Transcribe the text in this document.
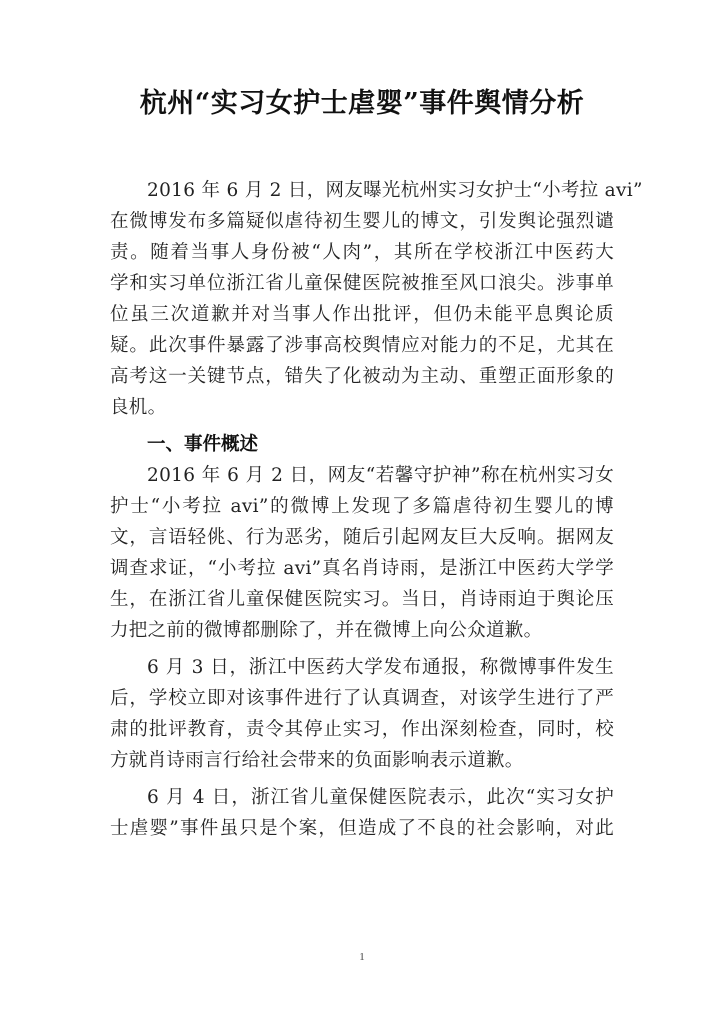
杭州“实习女护士虐婴”事件舆情分析
2016 年 6 月 2 日，网友曝光杭州实习女护士“小考拉 avi”
在微博发布多篇疑似虐待初生婴儿的博文，引发舆论强烈谴
责。随着当事人身份被“人肉”，其所在学校浙江中医药大
学和实习单位浙江省儿童保健医院被推至风口浪尖。涉事单
位虽三次道歉并对当事人作出批评，但仍未能平息舆论质
疑。此次事件暴露了涉事高校舆情应对能力的不足，尤其在
高考这一关键节点，错失了化被动为主动、重塑正面形象的
良机。
一、事件概述
2016 年 6 月 2 日，网友“若馨守护神”称在杭州实习女
护士“小考拉 avi”的微博上发现了多篇虐待初生婴儿的博
文，言语轻佻、行为恶劣，随后引起网友巨大反响。据网友
调查求证，“小考拉 avi”真名肖诗雨，是浙江中医药大学学
生，在浙江省儿童保健医院实习。当日，肖诗雨迫于舆论压
力把之前的微博都删除了，并在微博上向公众道歉。
6 月 3 日，浙江中医药大学发布通报，称微博事件发生
后，学校立即对该事件进行了认真调查，对该学生进行了严
肃的批评教育，责令其停止实习，作出深刻检查，同时，校
方就肖诗雨言行给社会带来的负面影响表示道歉。
6 月 4 日，浙江省儿童保健医院表示，此次“实习女护
士虐婴”事件虽只是个案，但造成了不良的社会影响，对此
1
